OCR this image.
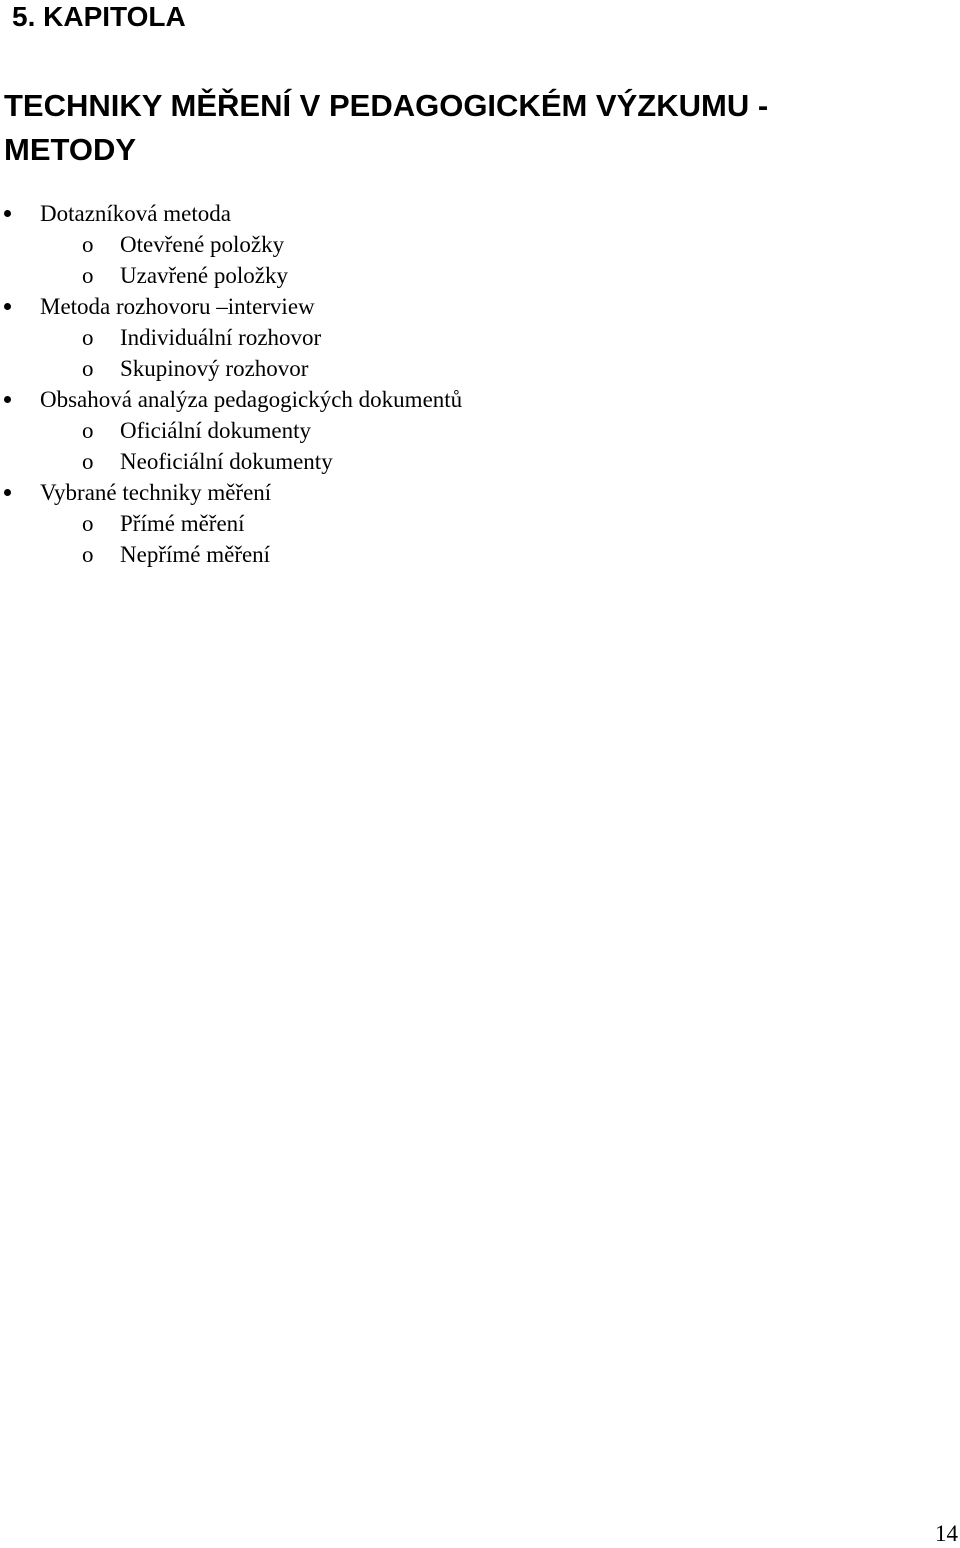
5. KAPITOLA
TECHNIKY MĚŘENÍ V PEDAGOGICKÉM VÝZKUMU - METODY
Dotazníková metoda
o Otevřené položky
o Uzavřené položky
Metoda rozhovoru –interview
o Individuální rozhovor
o Skupinový rozhovor
Obsahová analýza pedagogických dokumentů
o Oficiální dokumenty
o Neoficiální dokumenty
Vybrané techniky měření
o Přímé měření
o Nepřímé měření
14
